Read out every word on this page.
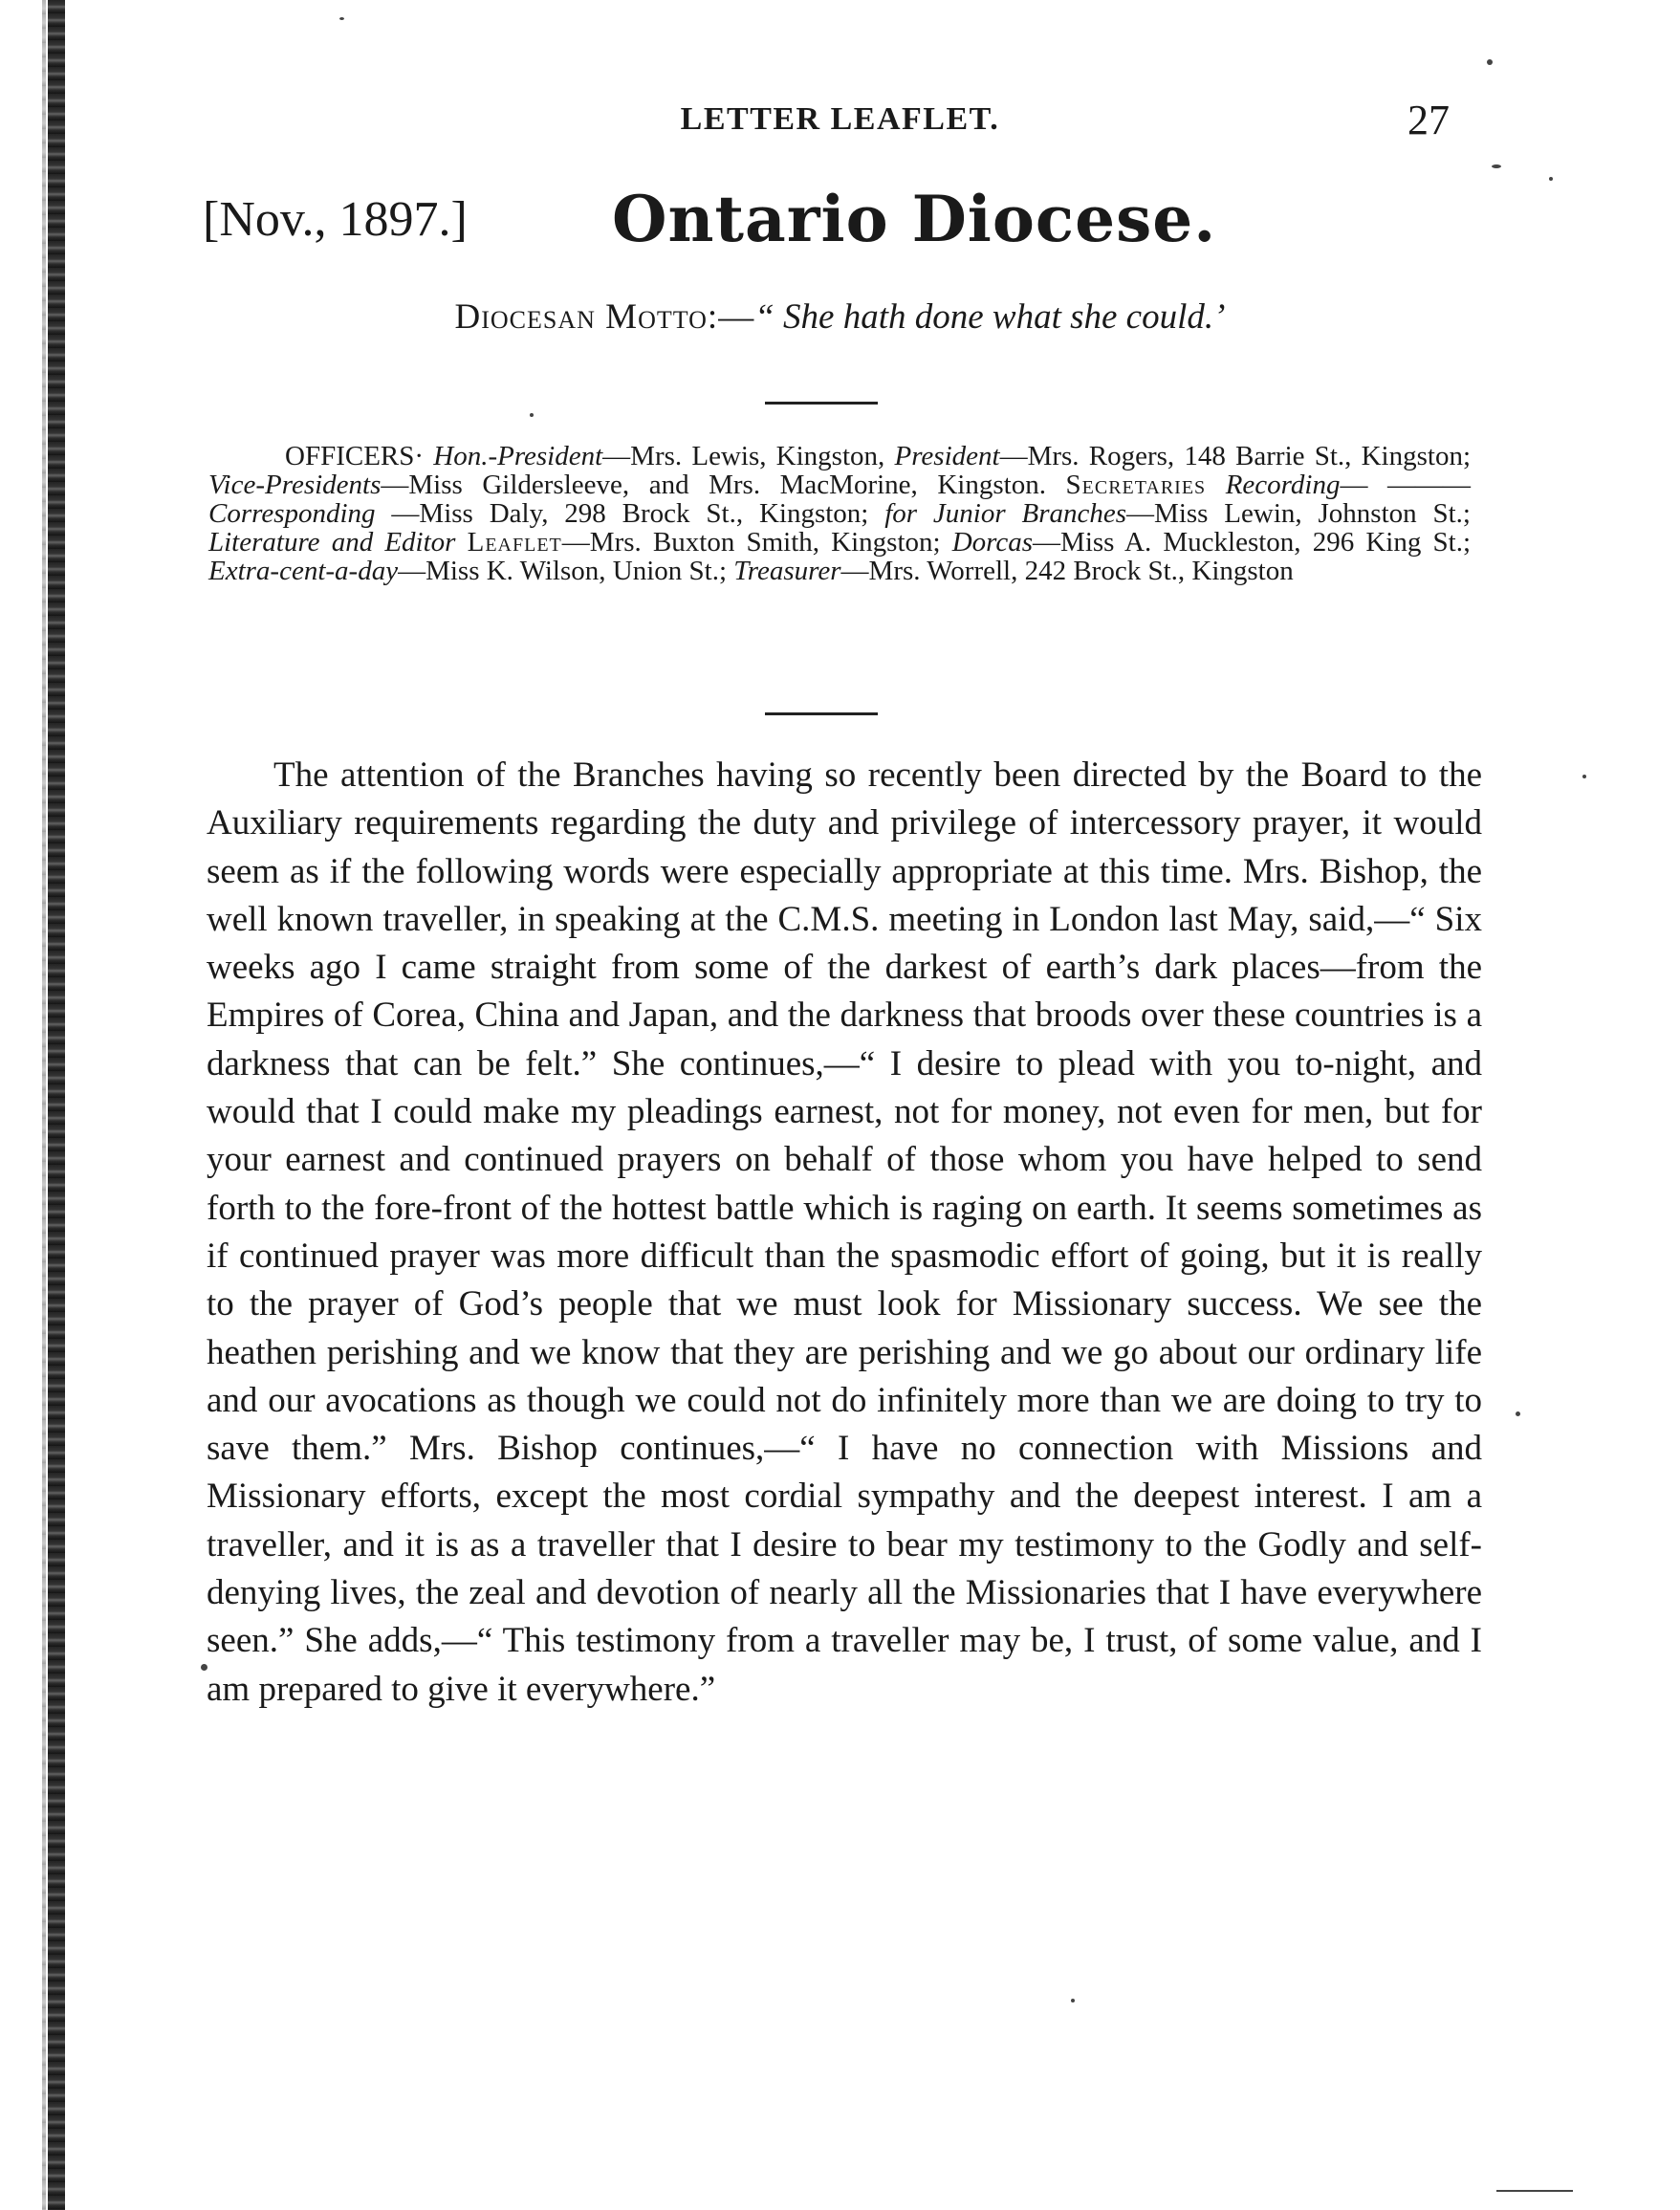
LETTER LEAFLET.	27
[Nov., 1897.] Ontario Diocese.
Diocesan Motto:—“ She hath done what she could.’
OFFICERS· Hon.-President—Mrs. Lewis, Kingston, President—Mrs. Rogers, 148 Barrie St., Kingston; Vice-Presidents—Miss Gildersleeve, and Mrs. MacMorine, Kingston. Secretaries Recording— ——— Corresponding —Miss Daly, 298 Brock St., Kingston; for Junior Branches—Miss Lewin, Johnston St.; Literature and Editor Leaflet—Mrs. Buxton Smith, Kingston; Dorcas—Miss A. Muckleston, 296 King St.; Extra-cent-a-day—Miss K. Wilson, Union St.; Treasurer—Mrs. Worrell, 242 Brock St., Kingston
The attention of the Branches having so recently been directed by the Board to the Auxiliary requirements regarding the duty and privilege of intercessory prayer, it would seem as if the following words were especially appropriate at this time. Mrs. Bishop, the well known traveller, in speaking at the C.M.S. meeting in London last May, said,—“ Six weeks ago I came straight from some of the darkest of earth’s dark places—from the Empires of Corea, China and Japan, and the darkness that broods over these countries is a darkness that can be felt.” She continues,—“ I desire to plead with you to-night, and would that I could make my pleadings earnest, not for money, not even for men, but for your earnest and continued prayers on behalf of those whom you have helped to send forth to the fore-front of the hottest battle which is raging on earth. It seems sometimes as if continued prayer was more difficult than the spasmodic effort of going, but it is really to the prayer of God’s people that we must look for Missionary success. We see the heathen perishing and we know that they are perishing and we go about our ordinary life and our avocations as though we could not do infinitely more than we are doing to try to save them.” Mrs. Bishop continues,—“ I have no connection with Missions and Missionary efforts, except the most cordial sympathy and the deepest interest. I am a traveller, and it is as a traveller that I desire to bear my testimony to the Godly and self-denying lives, the zeal and devotion of nearly all the Missionaries that I have everywhere seen.” She adds,—“ This testimony from a traveller may be, I trust, of some value, and I am prepared to give it everywhere.”
